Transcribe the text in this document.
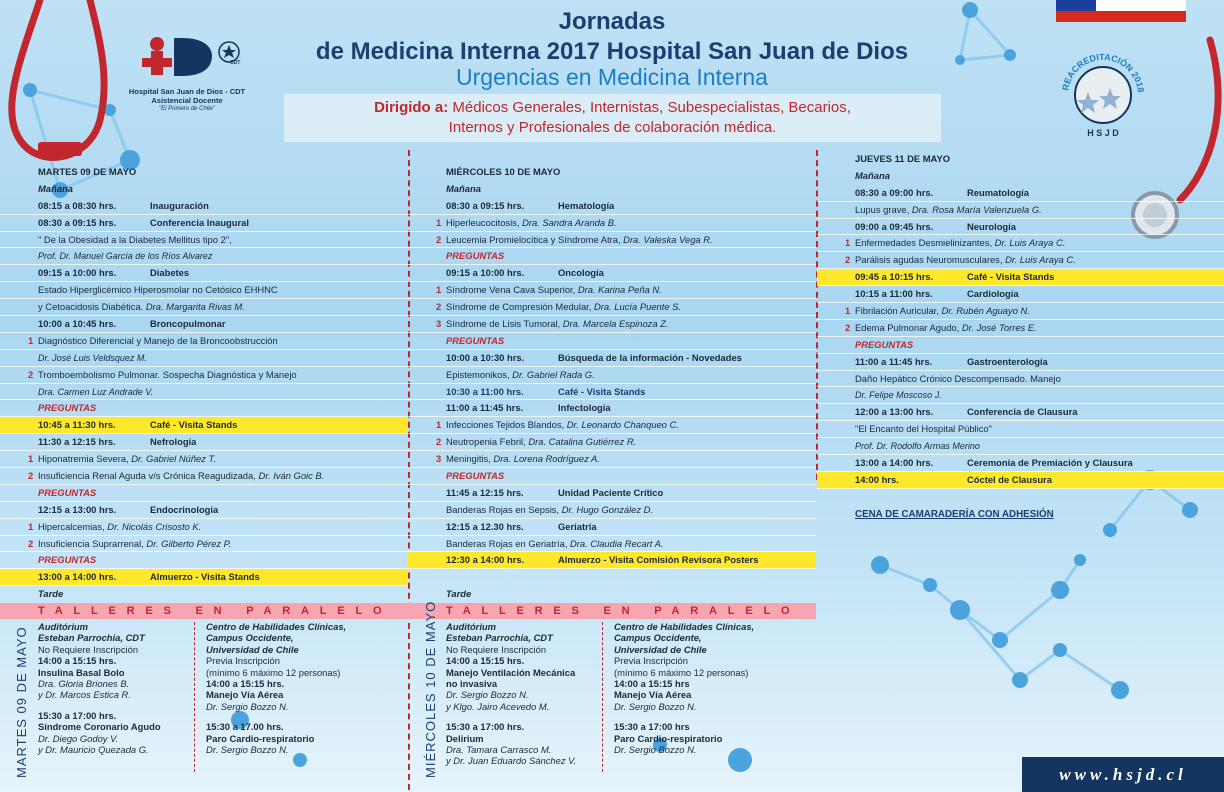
CDT
Hospital San Juan de Dios - CDT
Asistencial Docente
"El Primero de Chile"
Jornadas
de Medicina Interna 2017 Hospital San Juan de Dios
Urgencias en Medicina Interna
Dirigido a: Médicos Generales, Internistas, Subespecialistas, Becarios,
Internos y Profesionales de colaboración médica.
REACREDITACIÓN 2018
H S J D
MARTES 09 DE MAYO
Mañana
08:15 a 08:30 hrs.	Inauguración
08:30 a 09:15 hrs.	Conferencia Inaugural
" De la Obesidad a la Diabetes Mellitus tipo 2",
Prof. Dr. Manuel García de los Ríos Alvarez
09:15 a 10:00 hrs.	Diabetes
Estado Hiperglicémico Hiperosmolar no Cetósico EHHNC
y Cetoacidosis Diabética. Dra. Margarita Rivas M.
10:00 a 10:45 hrs.	Broncopulmonar
1 Diagnóstico Diferencial y Manejo de la Broncoobstrucción
Dr. José Luis Veldsquez M.
2 Tromboembolismo Pulmonar. Sospecha Diagnóstica y Manejo
Dra. Carmen Luz Andrade V.
PREGUNTAS
10:45 a 11:30 hrs.	Café - Visita Stands
11:30 a 12:15 hrs.	Nefrología
1 Hiponatremia Severa, Dr. Gabriel Núñez T.
2 Insuficiencia Renal Aguda v/s Crónica Reagudizada, Dr. Iván Goic B.
PREGUNTAS
12:15 a 13:00 hrs.	Endocrinología
1 Hipercalcemias, Dr. Nicolás Crisosto K.
2 Insuficiencia Suprarrenal, Dr. Gilberto Pérez P.
PREGUNTAS
13:00 a 14:00 hrs.	Almuerzo - Visita Stands
Tarde
MIÉRCOLES 10 DE MAYO
Mañana
08:30 a 09:15 hrs.	Hematología
1 Hiperleucocitosis, Dra. Sandra Aranda B.
2 Leucemia Promielocítica y Síndrome Atra, Dra. Valeska Vega R.
PREGUNTAS
09:15 a 10:00 hrs.	Oncología
1 Síndrome Vena Cava Superior, Dra. Karina Peña N.
2 Síndrome de Compresión Medular, Dra. Lucía Puente S.
3 Síndrome de Lisis Tumoral, Dra. Marcela Espinoza Z.
PREGUNTAS
10:00 a 10:30 hrs.	Búsqueda de la información - Novedades
Epistemonikos, Dr. Gabriel Rada G.
10:30 a 11:00 hrs.	Café - Visita Stands
11:00 a 11:45 hrs.	Infectología
1 Infecciones Tejidos Blandos, Dr. Leonardo Chanqueo C.
2 Neutropenia Febril, Dra. Catalina Gutiérrez R.
3 Meningitis, Dra. Lorena Rodríguez A.
PREGUNTAS
11:45 a 12:15 hrs.	Unidad Paciente Crítico
Banderas Rojas en Sepsis, Dr. Hugo González D.
12:15 a 12.30 hrs.	Geriatría
Banderas Rojas en Geriatría, Dra. Claudia Recart A.
12:30 a 14:00 hrs.	Almuerzo - Visita Comisión Revisora Posters
Tarde
JUEVES 11 DE MAYO
Mañana
08:30 a 09:00 hrs.	Reumatología
Lupus grave, Dra. Rosa María Valenzuela G.
09:00 a 09:45 hrs.	Neurología
1 Enfermedades Desmielinizantes, Dr. Luis Araya C.
2 Parálisis agudas Neuromusculares, Dr. Luis Araya C.
09:45 a 10:15 hrs.	Café - Visita Stands
10:15 a 11:00 hrs.	Cardiología
1 Fibrilación Auricular, Dr. Rubén Aguayo N.
2 Edema Pulmonar Agudo, Dr. José Torres E.
PREGUNTAS
11:00 a 11:45 hrs.	Gastroenterología
Daño Hepático Crónico Descompensado. Manejo
Dr. Felipe Moscoso J.
12:00 a 13:00 hrs.	Conferencia de Clausura
"El Encanto del Hospital Público"
Prof. Dr. Rodolfo Armas Merino
13:00 a 14:00 hrs.	Ceremonia de Premiación y Clausura
14:00 hrs.	Cóctel de Clausura
CENA DE CAMARADERÍA CON ADHESIÓN
TALLERES EN PARALELO	TALLERES EN PARALELO
MARTES 09 DE MAYO	MIÉRCOLES 10 DE MAYO
Auditórium
Esteban Parrochia, CDT
No Requiere Inscripción
14:00 a 15:15 hrs.
Insulina Basal Bolo
Dra. Gloria Briones B.
y Dr. Marcos Estica R.
15:30 a 17:00 hrs.
Síndrome Coronario Agudo
Dr. Diego Godoy V.
y Dr. Mauricio Quezada G.
Centro de Habilidades Clínicas,
Campus Occidente,
Universidad de Chile
Previa Inscripción
(mínimo 6 máximo 12 personas)
14:00 a 15:15 hrs.
Manejo Vía Aérea
Dr. Sergio Bozzo N.
15:30 a 17.00 hrs.
Paro Cardio-respiratorio
Dr. Sergio Bozzo N.
Auditórium
Esteban Parrochia, CDT
No Requiere Inscripción
14:00 a 15:15 hrs.
Manejo Ventilación Mecánica
no invasiva
Dr. Sergio Bozzo N.
y Klgo. Jairo Acevedo M.
15:30 a 17:00 hrs.
Delirium
Dra. Tamara Carrasco M.
y Dr. Juan Eduardo Sánchez V.
Centro de Habilidades Clínicas,
Campus Occidente,
Universidad de Chile
Previa Inscripción
(mínimo 6 máximo 12 personas)
14:00 a 15:15 hrs
Manejo Vía Aérea
Dr. Sergio Bozzo N.
15:30 a 17:00 hrs
Paro Cardio-respiratorio
Dr. Sergio Bozzo N.
www.hsjd.cl
